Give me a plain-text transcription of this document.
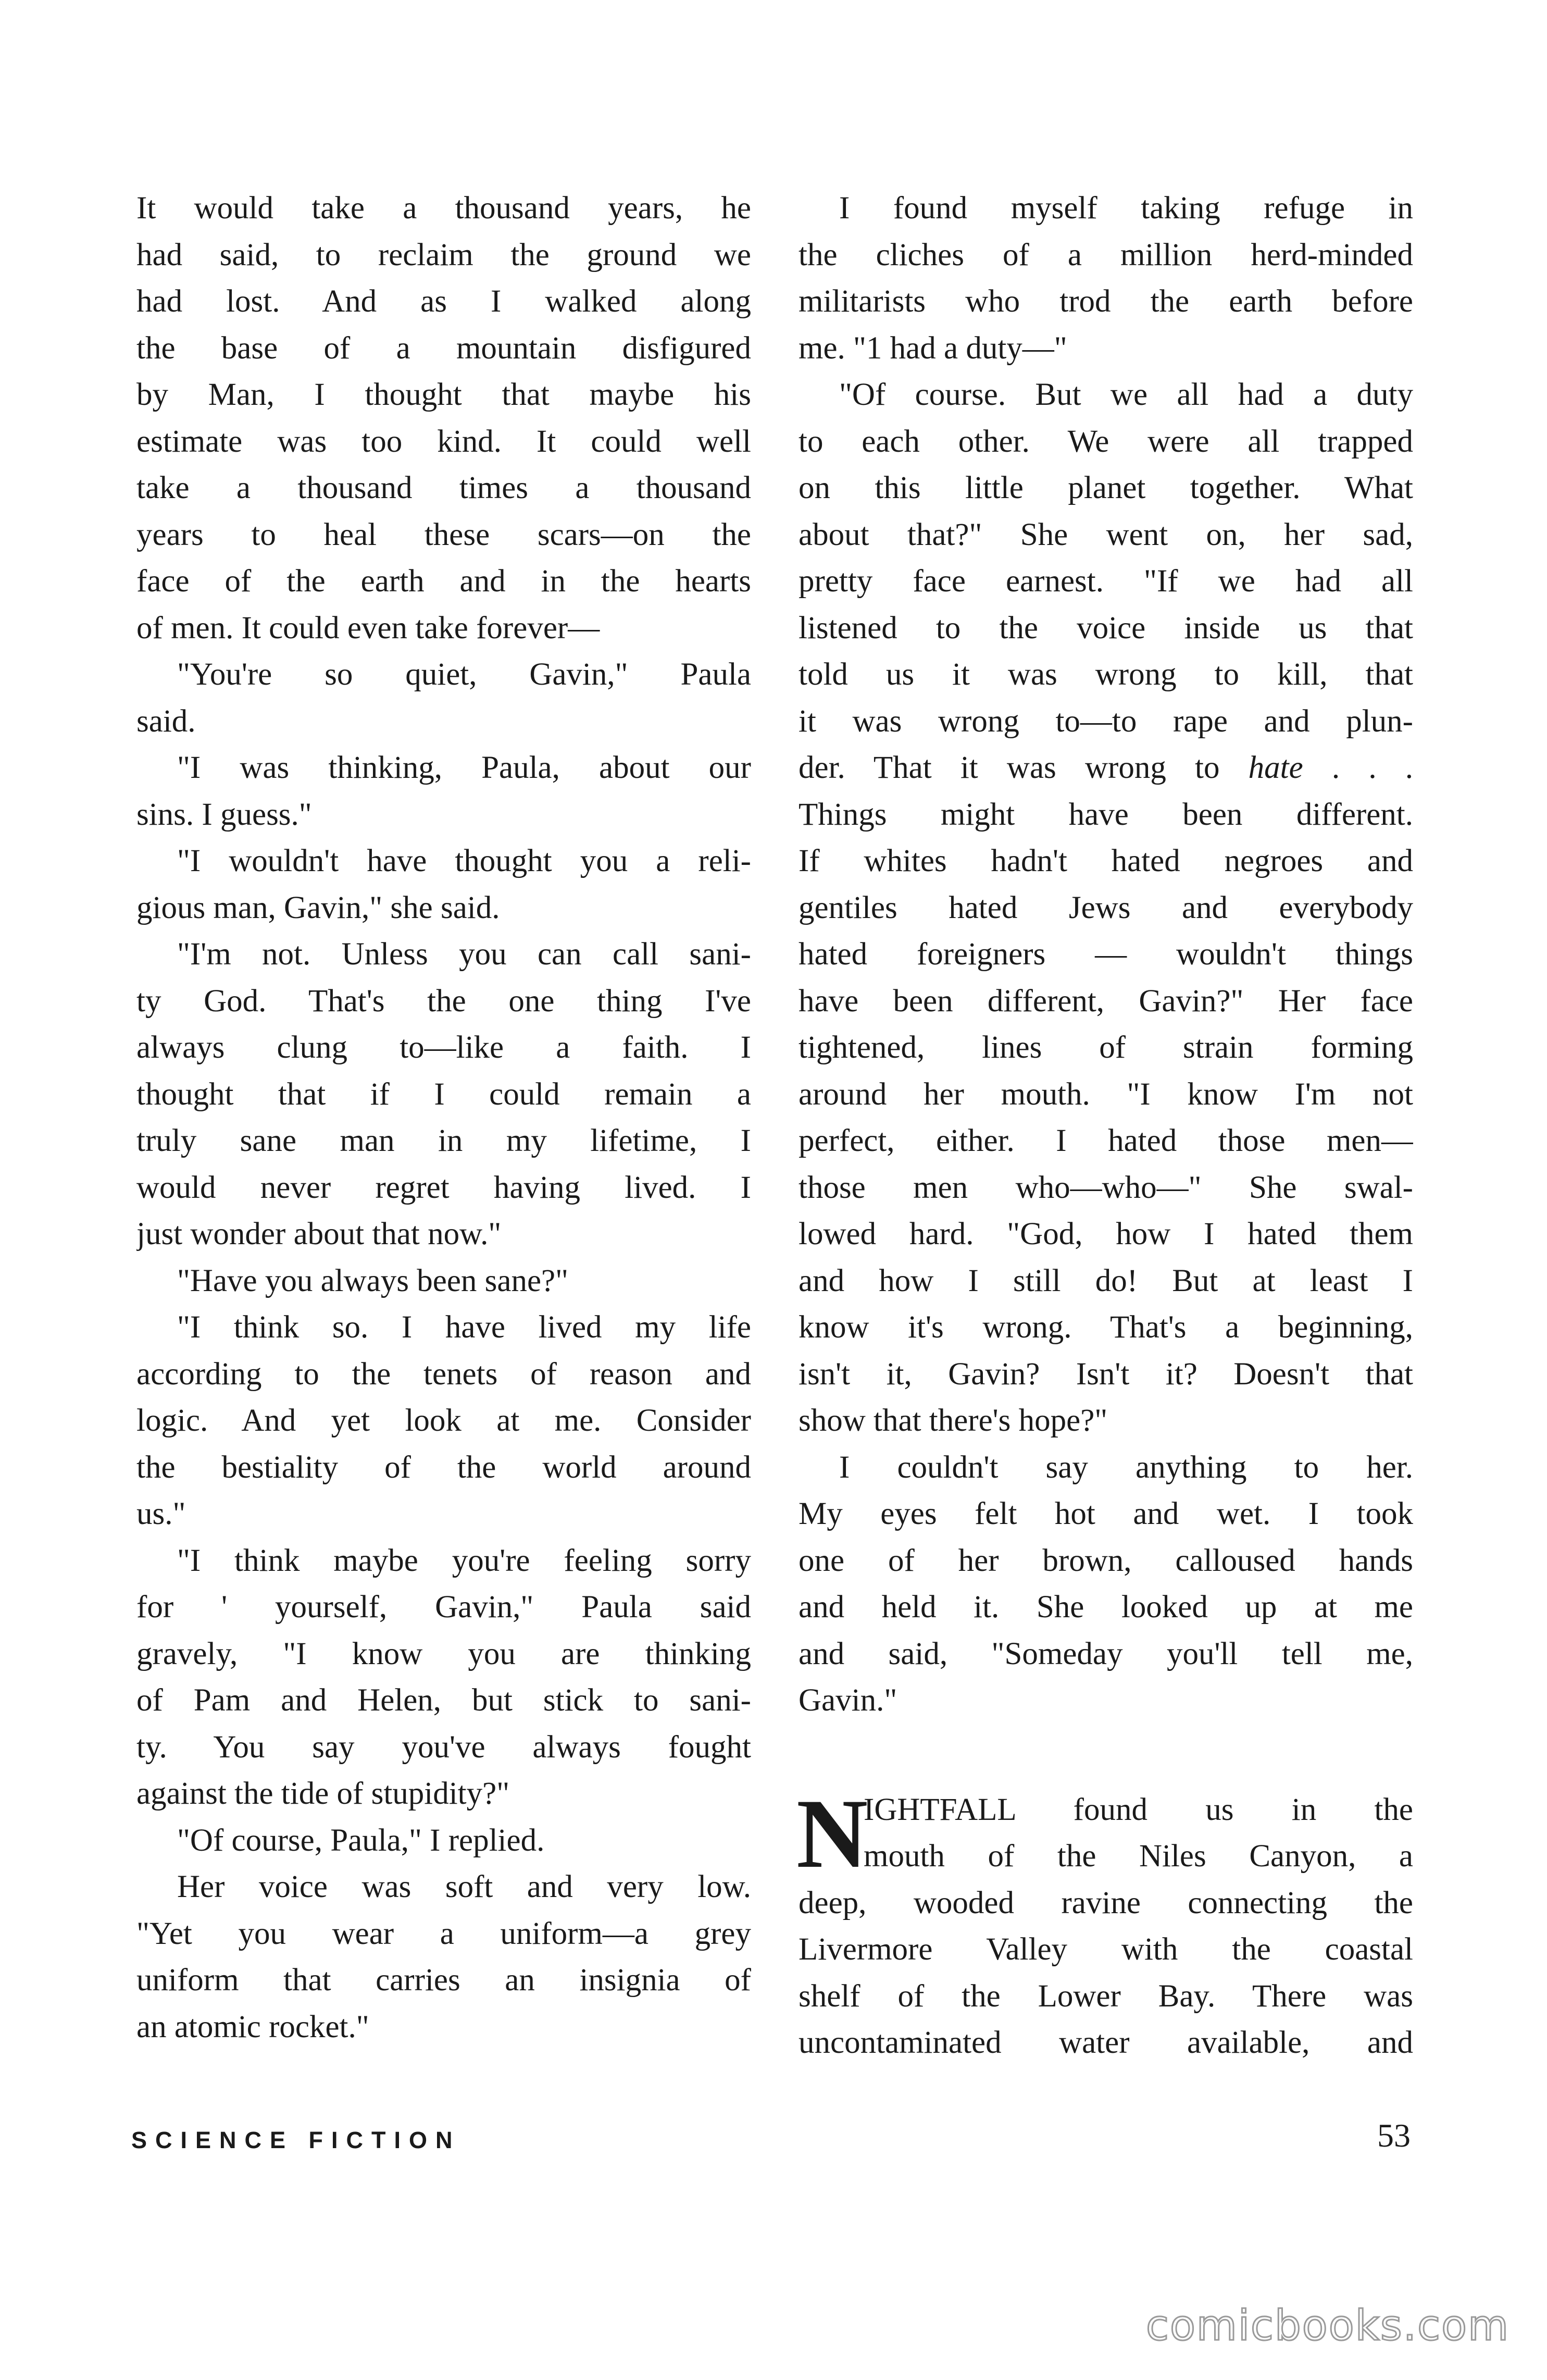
It would take a thousand years, he
had said, to reclaim the ground we
had lost. And as I walked along
the base of a mountain disfigured
by Man, I thought that maybe his
estimate was too kind. It could well
take a thousand times a thousand
years to heal these scars—on the
face of the earth and in the hearts
of men. It could even take forever—
"You're so quiet, Gavin," Paula
said.
"I was thinking, Paula, about our
sins. I guess."
"I wouldn't have thought you a reli-
gious man, Gavin," she said.
"I'm not. Unless you can call sani-
ty God. That's the one thing I've
always clung to—like a faith. I
thought that if I could remain a
truly sane man in my lifetime, I
would never regret having lived. I
just wonder about that now."
"Have you always been sane?"
"I think so. I have lived my life
according to the tenets of reason and
logic. And yet look at me. Consider
the bestiality of the world around
us."
"I think maybe you're feeling sorry
for ' yourself, Gavin," Paula said
gravely, "I know you are thinking
of Pam and Helen, but stick to sani-
ty. You say you've always fought
against the tide of stupidity?"
"Of course, Paula," I replied.
Her voice was soft and very low.
"Yet you wear a uniform—a grey
uniform that carries an insignia of
an atomic rocket."
I found myself taking refuge in
the cliches of a million herd-minded
militarists who trod the earth before
me. "1 had a duty—"
"Of course. But we all had a duty
to each other. We were all trapped
on this little planet together. What
about that?" She went on, her sad,
pretty face earnest. "If we had all
listened to the voice inside us that
told us it was wrong to kill, that
it was wrong to—to rape and plun-
der. That it was wrong to hate . . .
Things might have been different.
If whites hadn't hated negroes and
gentiles hated Jews and everybody
hated foreigners — wouldn't things
have been different, Gavin?" Her face
tightened, lines of strain forming
around her mouth. "I know I'm not
perfect, either. I hated those men—
those men who—who—" She swal-
lowed hard. "God, how I hated them
and how I still do! But at least I
know it's wrong. That's a beginning,
isn't it, Gavin? Isn't it? Doesn't that
show that there's hope?"
I couldn't say anything to her.
My eyes felt hot and wet. I took
one of her brown, calloused hands
and held it. She looked up at me
and said, "Someday you'll tell me,
Gavin."
N
IGHTFALL found us in the
mouth of the Niles Canyon, a
deep, wooded ravine connecting the
Livermore Valley with the coastal
shelf of the Lower Bay. There was
uncontaminated water available, and
SCIENCE FICTION	53
comicbooks.com
